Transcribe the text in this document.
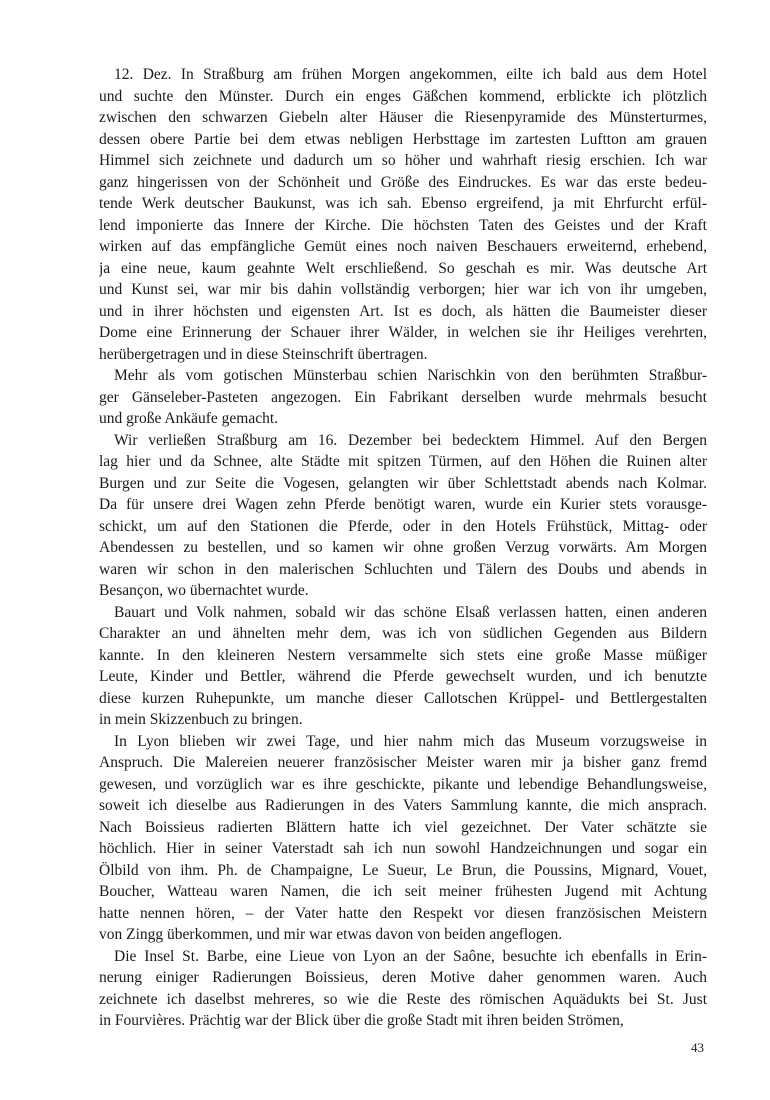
12. Dez. In Straßburg am frühen Morgen angekommen, eilte ich bald aus dem Hotel
und suchte den Münster. Durch ein enges Gäßchen kommend, erblickte ich plötzlich
zwischen den schwarzen Giebeln alter Häuser die Riesenpyramide des Münsterturmes,
dessen obere Partie bei dem etwas nebligen Herbsttage im zartesten Luftton am grauen
Himmel sich zeichnete und dadurch um so höher und wahrhaft riesig erschien. Ich war
ganz hingerissen von der Schönheit und Größe des Eindruckes. Es war das erste bedeu-
tende Werk deutscher Baukunst, was ich sah. Ebenso ergreifend, ja mit Ehrfurcht erfül-
lend imponierte das Innere der Kirche. Die höchsten Taten des Geistes und der Kraft
wirken auf das empfängliche Gemüt eines noch naiven Beschauers erweiternd, erhebend,
ja eine neue, kaum geahnte Welt erschließend. So geschah es mir. Was deutsche Art
und Kunst sei, war mir bis dahin vollständig verborgen; hier war ich von ihr umgeben,
und in ihrer höchsten und eigensten Art. Ist es doch, als hätten die Baumeister dieser
Dome eine Erinnerung der Schauer ihrer Wälder, in welchen sie ihr Heiliges verehrten,
herübergetragen und in diese Steinschrift übertragen.
Mehr als vom gotischen Münsterbau schien Narischkin von den berühmten Straßbur-
ger Gänseleber-Pasteten angezogen. Ein Fabrikant derselben wurde mehrmals besucht
und große Ankäufe gemacht.
Wir verließen Straßburg am 16. Dezember bei bedecktem Himmel. Auf den Bergen
lag hier und da Schnee, alte Städte mit spitzen Türmen, auf den Höhen die Ruinen alter
Burgen und zur Seite die Vogesen, gelangten wir über Schlettstadt abends nach Kolmar.
Da für unsere drei Wagen zehn Pferde benötigt waren, wurde ein Kurier stets vorausge-
schickt, um auf den Stationen die Pferde, oder in den Hotels Frühstück, Mittag- oder
Abendessen zu bestellen, und so kamen wir ohne großen Verzug vorwärts. Am Morgen
waren wir schon in den malerischen Schluchten und Tälern des Doubs und abends in
Besançon, wo übernachtet wurde.
Bauart und Volk nahmen, sobald wir das schöne Elsaß verlassen hatten, einen anderen
Charakter an und ähnelten mehr dem, was ich von südlichen Gegenden aus Bildern
kannte. In den kleineren Nestern versammelte sich stets eine große Masse müßiger
Leute, Kinder und Bettler, während die Pferde gewechselt wurden, und ich benutzte
diese kurzen Ruhepunkte, um manche dieser Callotschen Krüppel- und Bettlergestalten
in mein Skizzenbuch zu bringen.
In Lyon blieben wir zwei Tage, und hier nahm mich das Museum vorzugsweise in
Anspruch. Die Malereien neuerer französischer Meister waren mir ja bisher ganz fremd
gewesen, und vorzüglich war es ihre geschickte, pikante und lebendige Behandlungsweise,
soweit ich dieselbe aus Radierungen in des Vaters Sammlung kannte, die mich ansprach.
Nach Boissieus radierten Blättern hatte ich viel gezeichnet. Der Vater schätzte sie
höchlich. Hier in seiner Vaterstadt sah ich nun sowohl Handzeichnungen und sogar ein
Ölbild von ihm. Ph. de Champaigne, Le Sueur, Le Brun, die Poussins, Mignard, Vouet,
Boucher, Watteau waren Namen, die ich seit meiner frühesten Jugend mit Achtung
hatte nennen hören, – der Vater hatte den Respekt vor diesen französischen Meistern
von Zingg überkommen, und mir war etwas davon von beiden angeflogen.
Die Insel St. Barbe, eine Lieue von Lyon an der Saône, besuchte ich ebenfalls in Erin-
nerung einiger Radierungen Boissieus, deren Motive daher genommen waren. Auch
zeichnete ich daselbst mehreres, so wie die Reste des römischen Aquädukts bei St. Just
in Fourvières. Prächtig war der Blick über die große Stadt mit ihren beiden Strömen,
43
